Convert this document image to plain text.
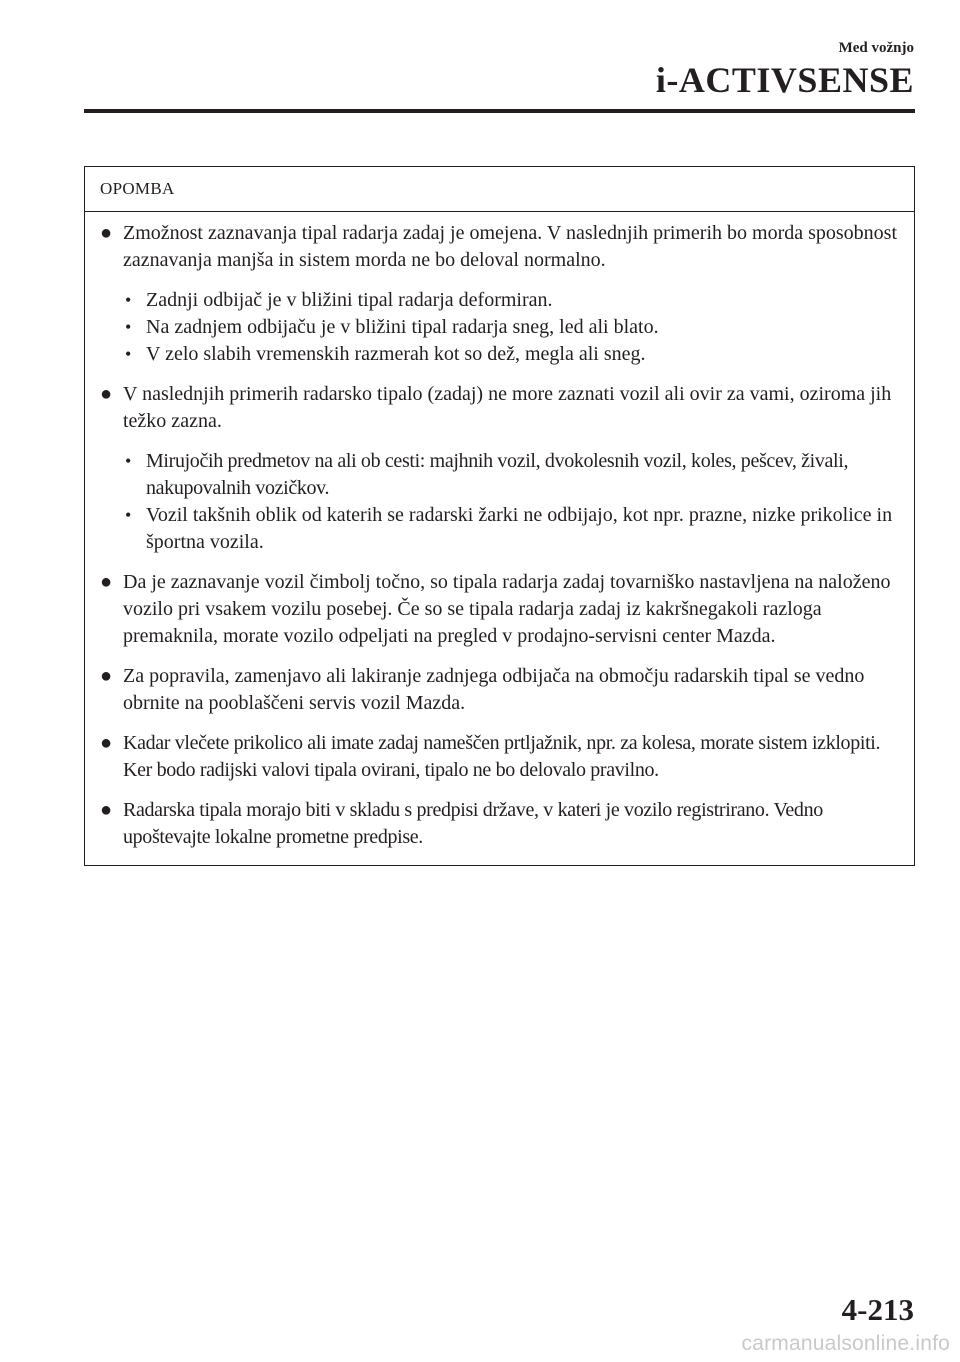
Med vožnjo
i-ACTIVSENSE
OPOMBA
● Zmožnost zaznavanja tipal radarja zadaj je omejena. V naslednjih primerih bo morda sposobnost zaznavanja manjša in sistem morda ne bo deloval normalno.
• Zadnji odbijač je v bližini tipal radarja deformiran.
• Na zadnjem odbijaču je v bližini tipal radarja sneg, led ali blato.
• V zelo slabih vremenskih razmerah kot so dež, megla ali sneg.
● V naslednjih primerih radarsko tipalo (zadaj) ne more zaznati vozil ali ovir za vami, oziroma jih težko zazna.
• Mirujočih predmetov na ali ob cesti: majhnih vozil, dvokolesnih vozil, koles, pešcev, živali, nakupovalnih vozičkov.
• Vozil takšnih oblik od katerih se radarski žarki ne odbijajo, kot npr. prazne, nizke prikolice in športna vozila.
● Da je zaznavanje vozil čimbolj točno, so tipala radarja zadaj tovarniško nastavljena na naloženo vozilo pri vsakem vozilu posebej. Če so se tipala radarja zadaj iz kakršnegakoli razloga premaknila, morate vozilo odpeljati na pregled v prodajno-servisni center Mazda.
● Za popravila, zamenjavo ali lakiranje zadnjega odbijača na območju radarskih tipal se vedno obrnite na pooblaščeni servis vozil Mazda.
● Kadar vlečete prikolico ali imate zadaj nameščen prtljažnik, npr. za kolesa, morate sistem izklopiti. Ker bodo radijski valovi tipala ovirani, tipalo ne bo delovalo pravilno.
● Radarska tipala morajo biti v skladu s predpisi države, v kateri je vozilo registrirano. Vedno upoštevajte lokalne prometne predpise.
4-213
carmanualsonline.info
